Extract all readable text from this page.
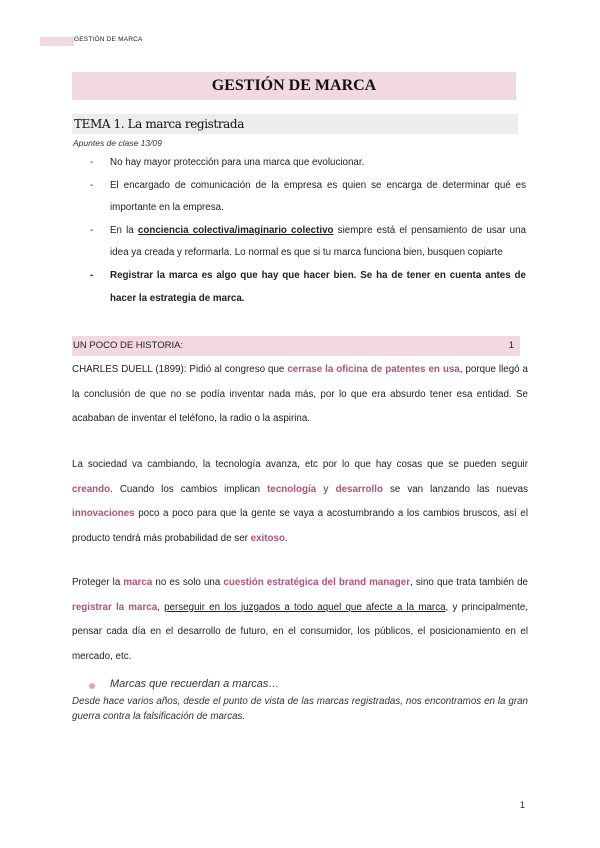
GESTIÓN DE MARCA
GESTIÓN DE MARCA
TEMA 1. La marca registrada
Apuntes de clase 13/09
- No hay mayor protección para una marca que evolucionar.
- El encargado de comunicación de la empresa es quien se encarga de determinar qué es importante en la empresa.
- En la conciencia colectiva/imaginario colectivo siempre está el pensamiento de usar una idea ya creada y reformarla. Lo normal es que si tu marca funciona bien, busquen copiarte
- Registrar la marca es algo que hay que hacer bien. Se ha de tener en cuenta antes de hacer la estrategia de marca.
UN POCO DE HISTORIA:	1
CHARLES DUELL (1899): Pidió al congreso que cerrase la oficina de patentes en usa, porque llegó a la conclusión de que no se podía inventar nada más, por lo que era absurdo tener esa entidad. Se acababan de inventar el teléfono, la radio o la aspirina.
La sociedad va cambiando, la tecnología avanza, etc por lo que hay cosas que se pueden seguir creando. Cuando los cambios implican tecnología y desarrollo se van lanzando las nuevas innovaciones poco a poco para que la gente se vaya a acostumbrando a los cambios bruscos, así el producto tendrá más probabilidad de ser exitoso.
Proteger la marca no es solo una cuestión estratégica del brand manager, sino que trata también de registrar la marca, perseguir en los juzgados a todo aquel que afecte a la marca, y principalmente, pensar cada día en el desarrollo de futuro, en el consumidor, los públicos, el posicionamiento en el mercado, etc.
Marcas que recuerdan a marcas…
Desde hace varios años, desde el punto de vista de las marcas registradas, nos encontramos en la gran guerra contra la falsificación de marcas.
1
